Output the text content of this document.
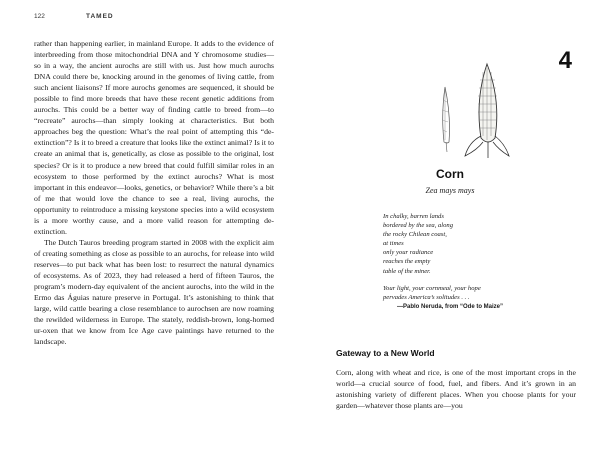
122	TAMED

rather than happening earlier, in mainland Europe. It adds to the evidence of interbreeding from those mitochondrial DNA and Y chromosome studies—so in a way, the ancient aurochs are still with us. Just how much aurochs DNA could there be, knocking around in the genomes of living cattle, from such ancient liaisons? If more aurochs genomes are sequenced, it should be possible to find more breeds that have these recent genetic additions from aurochs. This could be a better way of finding cattle to breed from—to “recreate” aurochs—than simply looking at characteristics. But both approaches beg the question: What’s the real point of attempting this “de-extinction”? Is it to breed a creature that looks like the extinct animal? Is it to create an animal that is, genetically, as close as possible to the original, lost species? Or is it to produce a new breed that could fulfill similar roles in an ecosystem to those performed by the extinct aurochs? What is most important in this endeavor—looks, genetics, or behavior? While there’s a bit of me that would love the chance to see a real, living aurochs, the opportunity to reintroduce a missing keystone species into a wild ecosystem is a more worthy cause, and a more valid reason for attempting de-extinction.

The Dutch Tauros breeding program started in 2008 with the explicit aim of creating something as close as possible to an aurochs, for release into wild reserves—to put back what has been lost: to resurrect the natural dynamics of ecosystems. As of 2023, they had released a herd of fifteen Tauros, the program’s modern-day equivalent of the ancient aurochs, into the wild in the Ermo das Águias nature preserve in Portugal. It’s astonishing to think that large, wild cattle bearing a close resemblance to aurochsen are now roaming the rewilded wilderness in Europe. The stately, reddish-brown, long-horned ur-oxen that we know from Ice Age cave paintings have returned to the landscape.

4
Corn
Zea mays mays
In chalky, barren lands
bordered by the sea, along
the rocky Chilean coast,
at times
only your radiance
reaches the empty
table of the miner.
Your light, your cornmeal, your hope
pervades America’s solitudes . . .
—Pablo Neruda, from “Ode to Maize”
Gateway to a New World

Corn, along with wheat and rice, is one of the most important crops in the world—a crucial source of food, fuel, and fibers. And it’s grown in an astonishing variety of different places. When you choose plants for your garden—whatever those plants are—you
